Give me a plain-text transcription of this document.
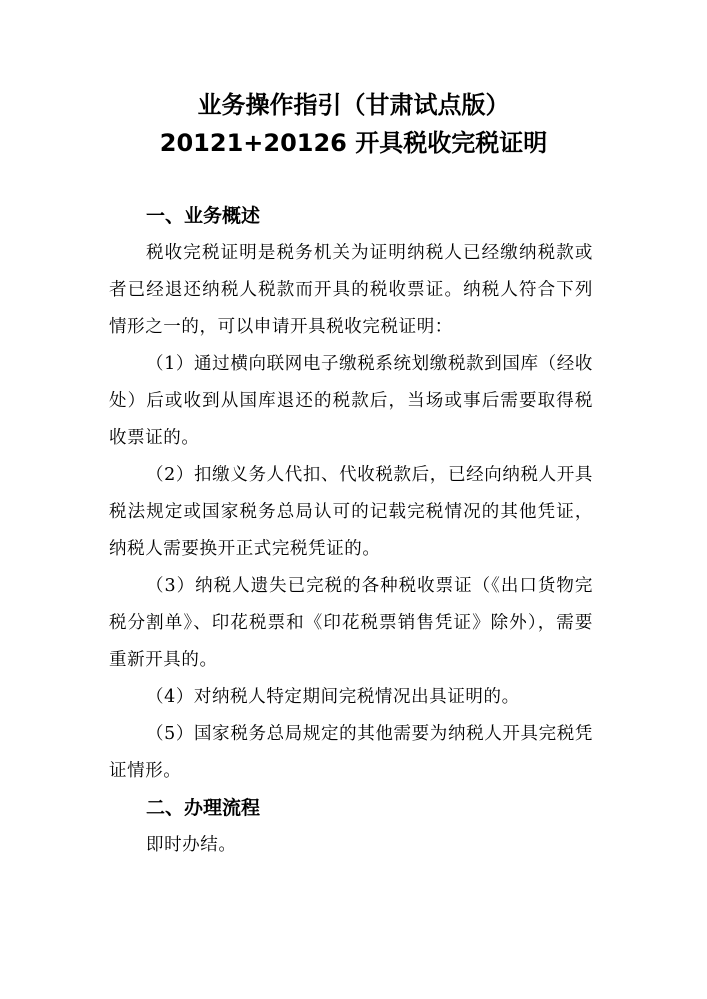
业务操作指引（甘肃试点版）
20121+20126 开具税收完税证明
一、业务概述

税收完税证明是税务机关为证明纳税人已经缴纳税款或者已经退还纳税人税款而开具的税收票证。纳税人符合下列情形之一的，可以申请开具税收完税证明：

（1）通过横向联网电子缴税系统划缴税款到国库（经收处）后或收到从国库退还的税款后，当场或事后需要取得税收票证的。

（2）扣缴义务人代扣、代收税款后，已经向纳税人开具税法规定或国家税务总局认可的记载完税情况的其他凭证，纳税人需要换开正式完税凭证的。

（3）纳税人遗失已完税的各种税收票证（《出口货物完税分割单》、印花税票和《印花税票销售凭证》除外），需要重新开具的。

（4）对纳税人特定期间完税情况出具证明的。

（5）国家税务总局规定的其他需要为纳税人开具完税凭证情形。

二、办理流程

即时办结。
